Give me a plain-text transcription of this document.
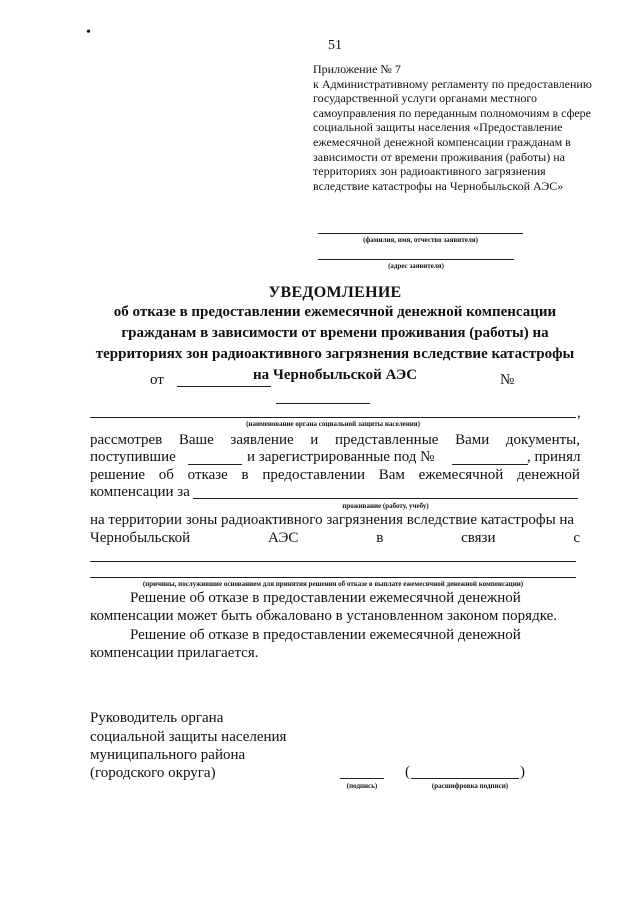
•
51
Приложение № 7
к Административному регламенту по предоставлению
государственной услуги органами местного
самоуправления по переданным полномочиям в сфере
социальной защиты населения «Предоставление
ежемесячной денежной компенсации гражданам в
зависимости от времени проживания (работы) на
территориях зон радиоактивного загрязнения
вследствие катастрофы на Чернобыльской АЭС»
(фамилия, имя, отчество заявителя)
(адрес заявителя)
УВЕДОМЛЕНИЕ
об отказе в предоставлении ежемесячной денежной компенсации
гражданам в зависимости от времени проживания (работы) на
территориях зон радиоактивного загрязнения вследствие катастрофы
на Чернобыльской АЭС
от	№
,
(наименование органа социальной защиты населения)
рассмотрев Ваше заявление и представленные Вами документы,
поступившие	и зарегистрированные под №	, принял
решение об отказе в предоставлении Вам ежемесячной денежной
компенсации за
проживание (работу, учебу)
на территории зоны радиоактивного загрязнения вследствие катастрофы на
Чернобыльской	АЭС	в	связи	с
(причины, послужившие основанием для принятия решения об отказе в выплате ежемесячной денежной компенсации)
Решение об отказе в предоставлении ежемесячной денежной
компенсации может быть обжаловано в установленном законом порядке.
Решение об отказе в предоставлении ежемесячной денежной
компенсации прилагается.
Руководитель органа
социальной защиты населения
муниципального района
(городского округа)
(подпись)
(	)
(расшифровка подписи)
